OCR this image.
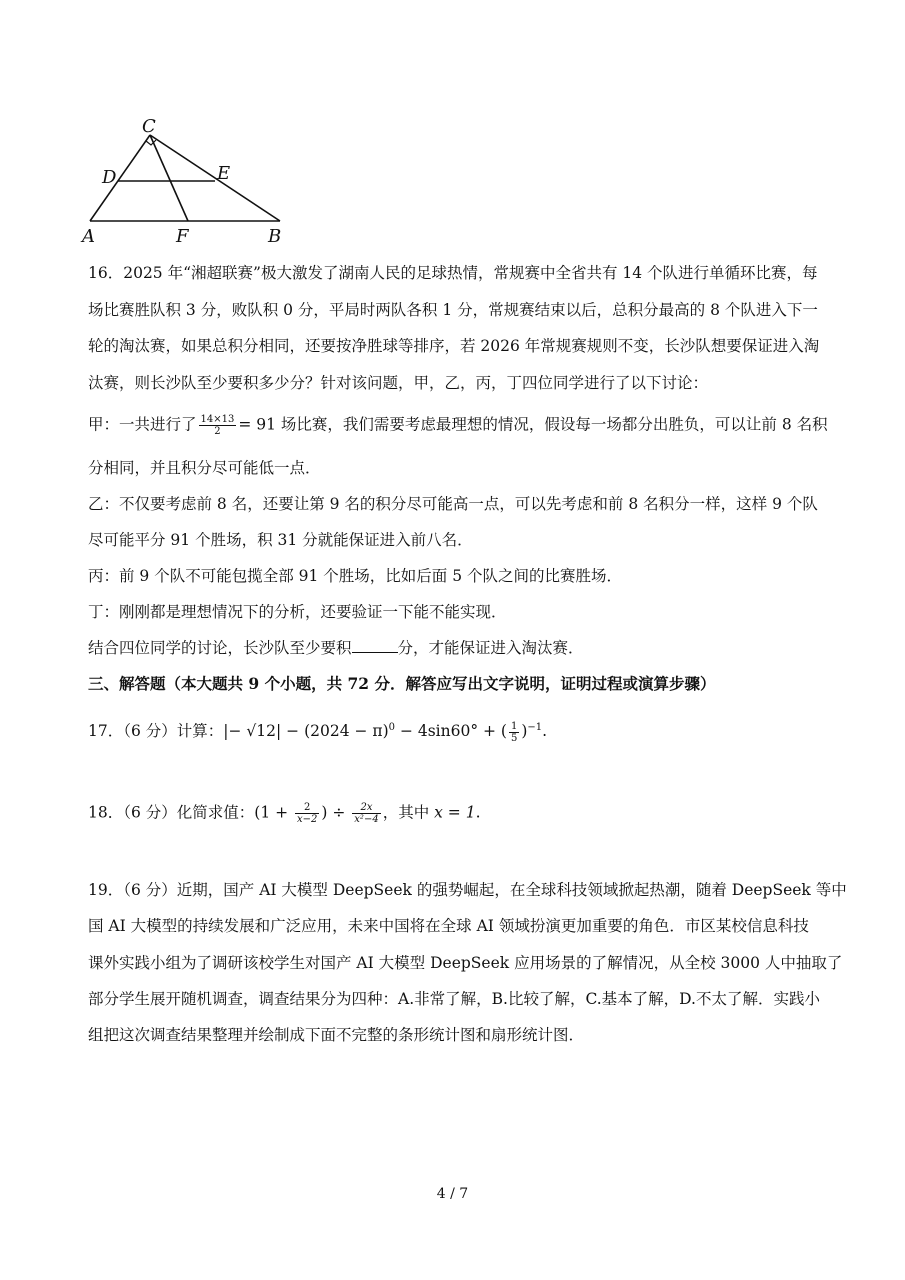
C
D	E
A	F	B
16．2025 年“湘超联赛”极大激发了湖南人民的足球热情，常规赛中全省共有 14 个队进行单循环比赛，每
场比赛胜队积 3 分，败队积 0 分，平局时两队各积 1 分，常规赛结束以后，总积分最高的 8 个队进入下一
轮的淘汰赛，如果总积分相同，还要按净胜球等排序，若 2026 年常规赛规则不变，长沙队想要保证进入淘
汰赛，则长沙队至少要积多少分？针对该问题，甲，乙，丙，丁四位同学进行了以下讨论：
甲：一共进行了 $\frac{14\times 13}{2} = 91$ 场比赛，我们需要考虑最理想的情况，假设每一场都分出胜负，可以让前 8 名积
分相同，并且积分尽可能低一点．
乙：不仅要考虑前 8 名，还要让第 9 名的积分尽可能高一点，可以先考虑和前 8 名积分一样，这样 9 个队
尽可能平分 91 个胜场，积 31 分就能保证进入前八名．
丙：前 9 个队不可能包揽全部 91 个胜场，比如后面 5 个队之间的比赛胜场．
丁：刚刚都是理想情况下的分析，还要验证一下能不能实现．
结合四位同学的讨论，长沙队至少要积	分，才能保证进入淘汰赛．
三、解答题（本大题共 9 个小题，共 72 分．解答应写出文字说明，证明过程或演算步骤）
17．（6 分）计算：|− $√12| - (2024 - \pi)^0 - 4\sin 60^\circ$ + ( $\frac{1}{5} )^{-1}$.
18．（6 分）化简求值：($1 + \frac{2}{x-2}$ ) ÷ $\frac{2x}{\text{x²−4}}$ ，其中 x = 1.
19．（6 分）近期，国产 AI 大模型 DeepSeek 的强势崛起，在全球科技领域掀起热潮，随着 DeepSeek 等中
国 AI 大模型的持续发展和广泛应用，未来中国将在全球 AI 领域扮演更加重要的角色．市区某校信息科技
课外实践小组为了调研该校学生对国产 AI 大模型 DeepSeek 应用场景的了解情况，从全校 3000 人中抽取了
部分学生展开随机调查，调查结果分为四种：A.非常了解，B.比较了解，C.基本了解，D.不太了解．实践小
组把这次调查结果整理并绘制成下面不完整的条形统计图和扇形统计图．
4 / 7
